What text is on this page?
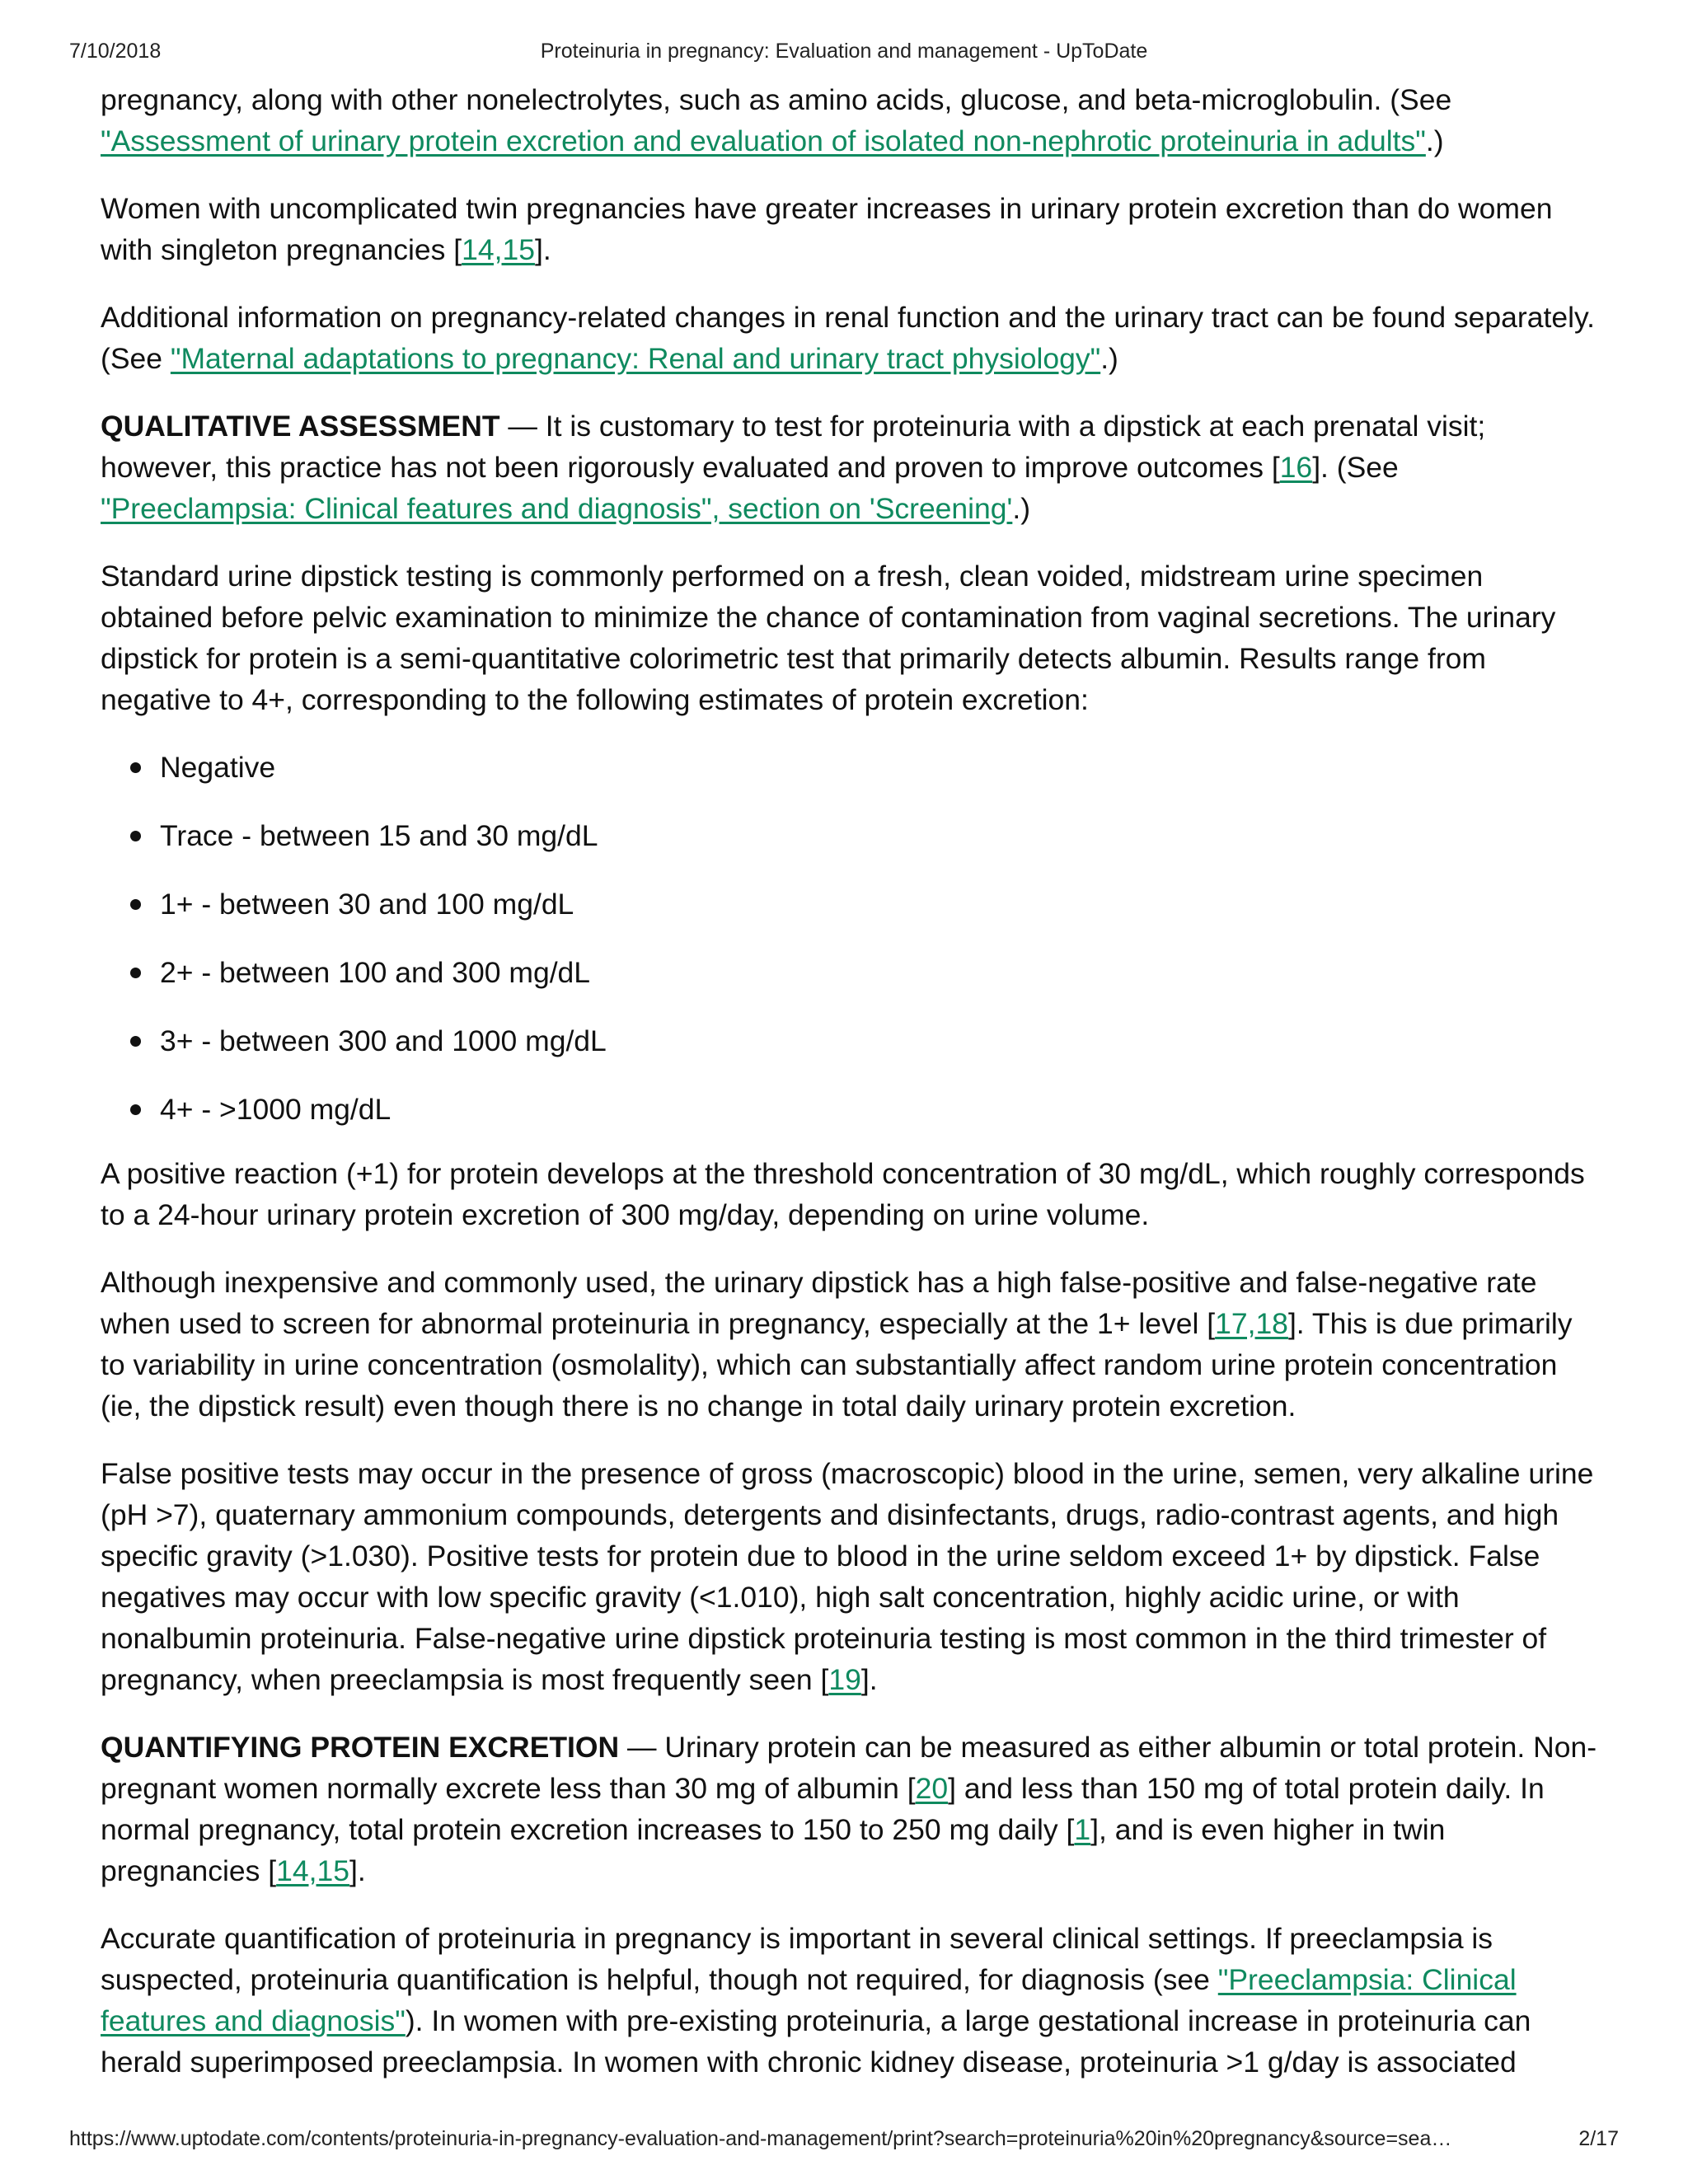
7/10/2018	Proteinuria in pregnancy: Evaluation and management - UpToDate

pregnancy, along with other nonelectrolytes, such as amino acids, glucose, and beta-microglobulin. (See "Assessment of urinary protein excretion and evaluation of isolated non-nephrotic proteinuria in adults".)

Women with uncomplicated twin pregnancies have greater increases in urinary protein excretion than do women with singleton pregnancies [14,15].

Additional information on pregnancy-related changes in renal function and the urinary tract can be found separately. (See "Maternal adaptations to pregnancy: Renal and urinary tract physiology".)

QUALITATIVE ASSESSMENT — It is customary to test for proteinuria with a dipstick at each prenatal visit; however, this practice has not been rigorously evaluated and proven to improve outcomes [16]. (See "Preeclampsia: Clinical features and diagnosis", section on 'Screening'.)

Standard urine dipstick testing is commonly performed on a fresh, clean voided, midstream urine specimen obtained before pelvic examination to minimize the chance of contamination from vaginal secretions. The urinary dipstick for protein is a semi-quantitative colorimetric test that primarily detects albumin. Results range from negative to 4+, corresponding to the following estimates of protein excretion:

Negative
Trace - between 15 and 30 mg/dL
1+ - between 30 and 100 mg/dL
2+ - between 100 and 300 mg/dL
3+ - between 300 and 1000 mg/dL
4+ - >1000 mg/dL

A positive reaction (+1) for protein develops at the threshold concentration of 30 mg/dL, which roughly corresponds to a 24-hour urinary protein excretion of 300 mg/day, depending on urine volume.

Although inexpensive and commonly used, the urinary dipstick has a high false-positive and false-negative rate when used to screen for abnormal proteinuria in pregnancy, especially at the 1+ level [17,18]. This is due primarily to variability in urine concentration (osmolality), which can substantially affect random urine protein concentration (ie, the dipstick result) even though there is no change in total daily urinary protein excretion.

False positive tests may occur in the presence of gross (macroscopic) blood in the urine, semen, very alkaline urine (pH >7), quaternary ammonium compounds, detergents and disinfectants, drugs, radio-contrast agents, and high specific gravity (>1.030). Positive tests for protein due to blood in the urine seldom exceed 1+ by dipstick. False negatives may occur with low specific gravity (<1.010), high salt concentration, highly acidic urine, or with nonalbumin proteinuria. False-negative urine dipstick proteinuria testing is most common in the third trimester of pregnancy, when preeclampsia is most frequently seen [19].

QUANTIFYING PROTEIN EXCRETION — Urinary protein can be measured as either albumin or total protein. Non-pregnant women normally excrete less than 30 mg of albumin [20] and less than 150 mg of total protein daily. In normal pregnancy, total protein excretion increases to 150 to 250 mg daily [1], and is even higher in twin pregnancies [14,15].

Accurate quantification of proteinuria in pregnancy is important in several clinical settings. If preeclampsia is suspected, proteinuria quantification is helpful, though not required, for diagnosis (see "Preeclampsia: Clinical features and diagnosis"). In women with pre-existing proteinuria, a large gestational increase in proteinuria can herald superimposed preeclampsia. In women with chronic kidney disease, proteinuria >1 g/day is associated

https://www.uptodate.com/contents/proteinuria-in-pregnancy-evaluation-and-management/print?search=proteinuria%20in%20pregnancy&source=sea…	2/17
